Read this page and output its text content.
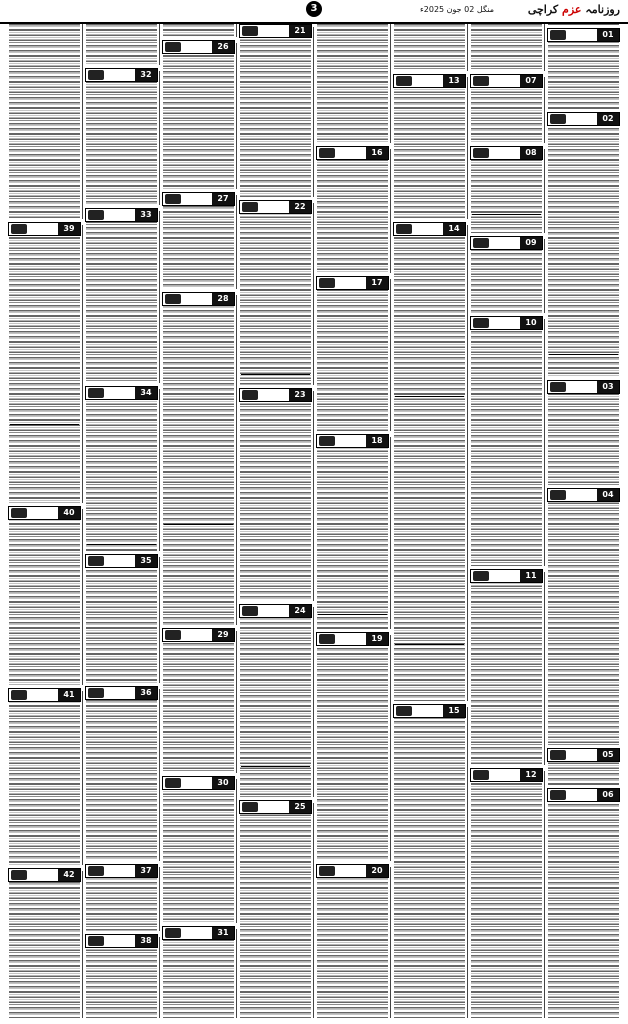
روزنامہ عزم کراچی
3	منگل 02 جون 2025ء
01
02
03
04
05
06
07
08
09
10
11
12
13
14
15
16
17
18
19
20
21
22
23
24
25
26
27
28
29
30
31
32
33
34
35
36
37
38
39
40
41
42
